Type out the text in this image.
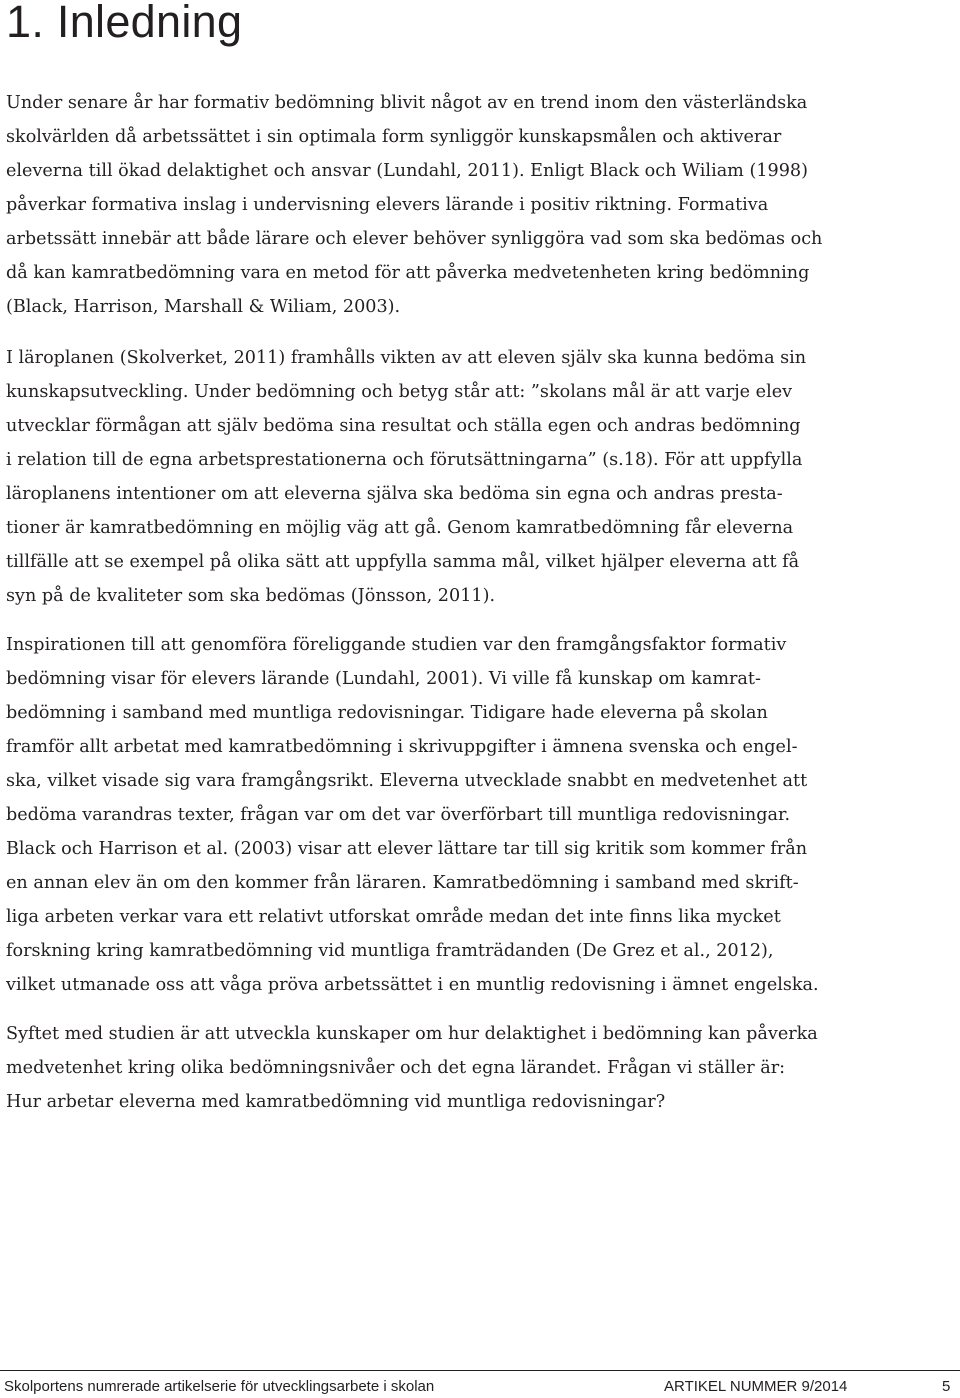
1. Inledning

Under senare år har formativ bedömning blivit något av en trend inom den västerländska
skolvärlden då arbetssättet i sin optimala form synliggör kunskapsmålen och aktiverar
eleverna till ökad delaktighet och ansvar (Lundahl, 2011). Enligt Black och Wiliam (1998)
påverkar formativa inslag i undervisning elevers lärande i positiv riktning. Formativa
arbetssätt innebär att både lärare och elever behöver synliggöra vad som ska bedömas och
då kan kamratbedömning vara en metod för att påverka medvetenheten kring bedömning
(Black, Harrison, Marshall & Wiliam, 2003).

I läroplanen (Skolverket, 2011) framhålls vikten av att eleven själv ska kunna bedöma sin
kunskapsutveckling. Under bedömning och betyg står att: ”skolans mål är att varje elev
utvecklar förmågan att själv bedöma sina resultat och ställa egen och andras bedömning
i relation till de egna arbetsprestationerna och förutsättningarna” (s.18). För att uppfylla
läroplanens intentioner om att eleverna själva ska bedöma sin egna och andras presta-
tioner är kamratbedömning en möjlig väg att gå. Genom kamratbedömning får eleverna
tillfälle att se exempel på olika sätt att uppfylla samma mål, vilket hjälper eleverna att få
syn på de kvaliteter som ska bedömas (Jönsson, 2011).

Inspirationen till att genomföra föreliggande studien var den framgångsfaktor formativ
bedömning visar för elevers lärande (Lundahl, 2001). Vi ville få kunskap om kamrat-
bedömning i samband med muntliga redovisningar. Tidigare hade eleverna på skolan
framför allt arbetat med kamratbedömning i skrivuppgifter i ämnena svenska och engel-
ska, vilket visade sig vara framgångsrikt. Eleverna utvecklade snabbt en medvetenhet att
bedöma varandras texter, frågan var om det var överförbart till muntliga redovisningar.
Black och Harrison et al. (2003) visar att elever lättare tar till sig kritik som kommer från
en annan elev än om den kommer från läraren. Kamratbedömning i samband med skrift-
liga arbeten verkar vara ett relativt utforskat område medan det inte finns lika mycket
forskning kring kamratbedömning vid muntliga framträdanden (De Grez et al., 2012),
vilket utmanade oss att våga pröva arbetssättet i en muntlig redovisning i ämnet engelska.

Syftet med studien är att utveckla kunskaper om hur delaktighet i bedömning kan påverka
medvetenhet kring olika bedömningsnivåer och det egna lärandet. Frågan vi ställer är:
Hur arbetar eleverna med kamratbedömning vid muntliga redovisningar?

Skolportens numrerade artikelserie för utvecklingsarbete i skolan	ARTIKEL NUMMER 9/2014	5
